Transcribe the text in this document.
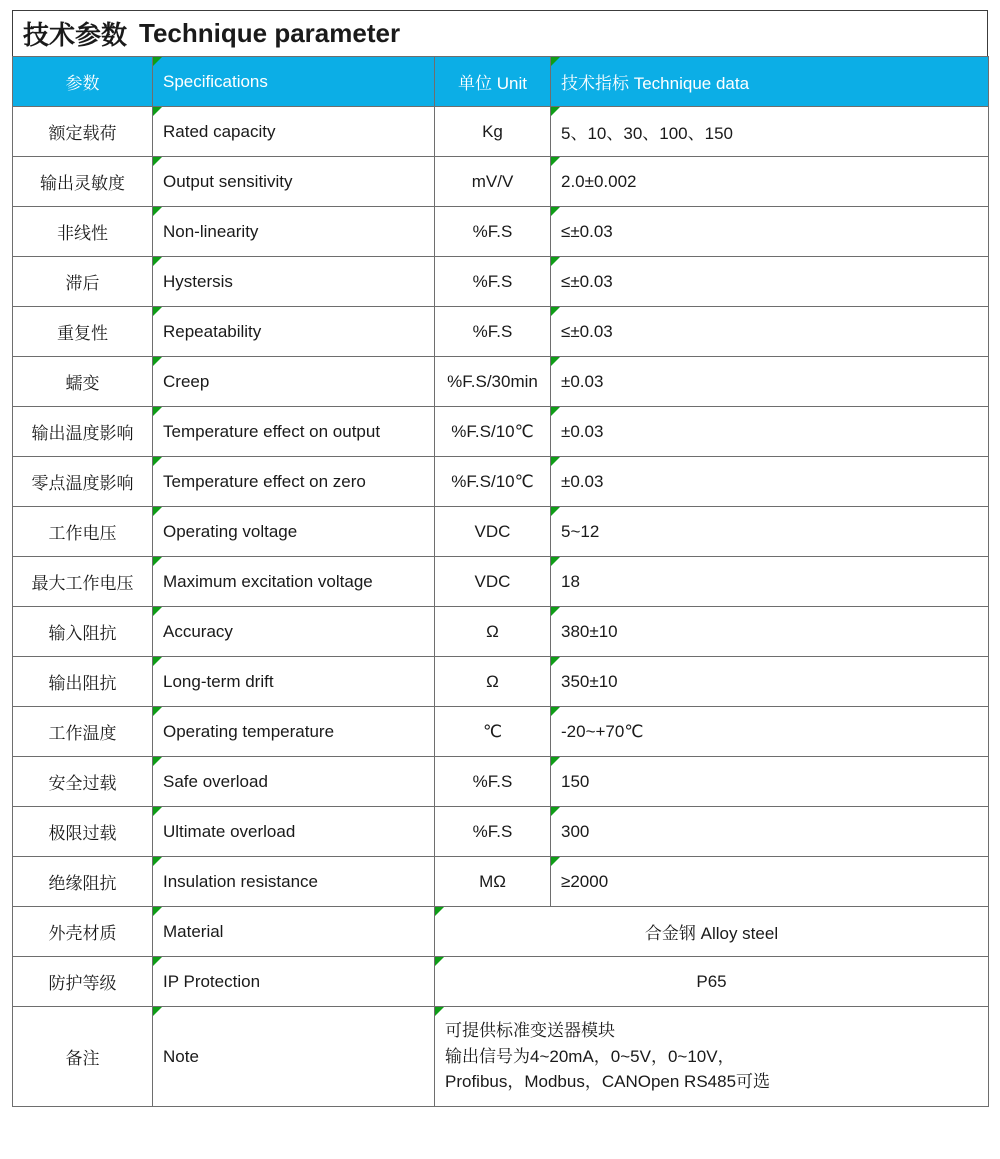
技术参数 Technique parameter
参数	Specifications	单位 Unit	技术指标 Technique data
额定载荷	Rated capacity	Kg	5、10、30、100、150
输出灵敏度	Output sensitivity	mV/V	2.0±0.002
非线性	Non-linearity	%F.S	≤±0.03
滞后	Hystersis	%F.S	≤±0.03
重复性	Repeatability	%F.S	≤±0.03
蠕变	Creep	%F.S/30min	±0.03
输出温度影响	Temperature effect on output	%F.S/10℃	±0.03
零点温度影响	Temperature effect on zero	%F.S/10℃	±0.03
工作电压	Operating voltage	VDC	5~12
最大工作电压	Maximum excitation voltage	VDC	18
输入阻抗	Accuracy	Ω	380±10
输出阻抗	Long-term drift	Ω	350±10
工作温度	Operating temperature	℃	-20~+70℃
安全过载	Safe overload	%F.S	150
极限过载	Ultimate overload	%F.S	300
绝缘阻抗	Insulation resistance	MΩ	≥2000
外壳材质	Material	合金钢 Alloy steel	
防护等级	IP Protection	P65	
备注	Note	可提供标准变送器模块
输出信号为4~20mA，0~5V，0~10V，
Profibus，Modbus，CANOpen RS485可选	
